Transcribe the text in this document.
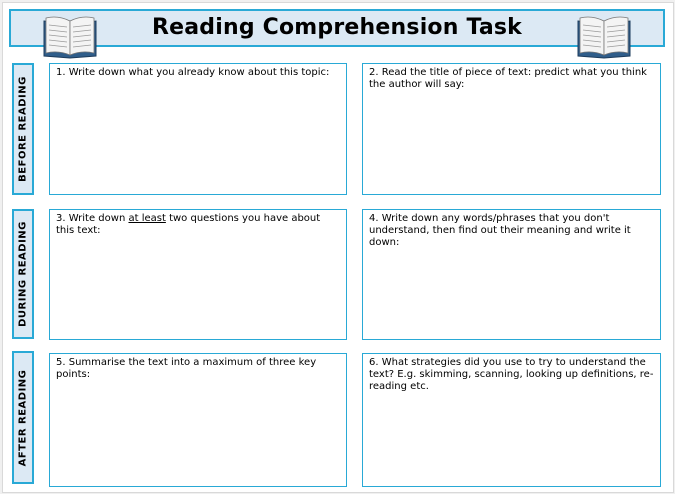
Reading Comprehension Task
BEFORE READING
1. Write down what you already know about this topic:	2. Read the title of piece of text: predict what you think the author will say:
DURING READING
3. Write down at least two questions you have about this text:
4. Write down any words/phrases that you don't understand, then find out their meaning and write it down:
AFTER READING
5. Summarise the text into a maximum of three key points:
6. What strategies did you use to try to understand the text? E.g. skimming, scanning, looking up definitions, re-reading etc.
